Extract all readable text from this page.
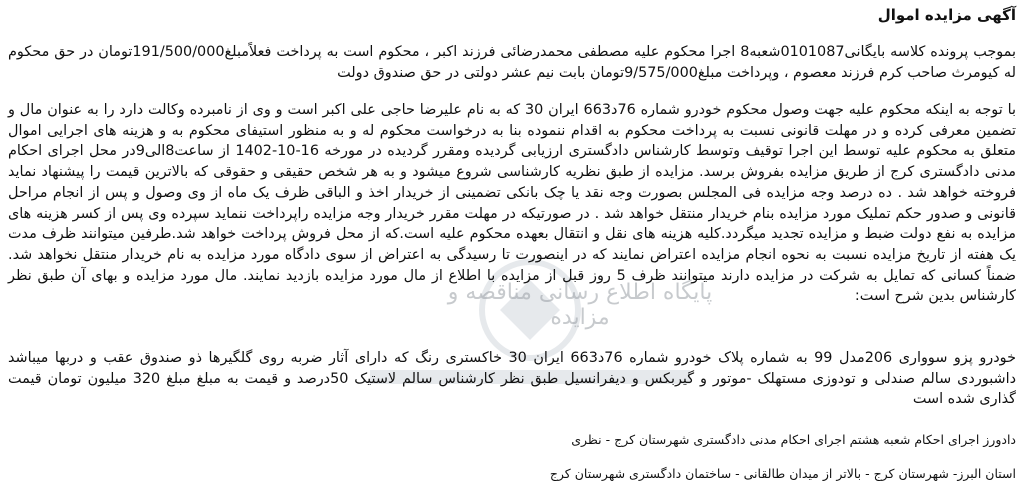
پایگاه اطلاع رسانی مناقصه و مزایده
آگهی مزایده اموال

بموجب پرونده کلاسه بایگانی0101087شعبه8 اجرا محکوم علیه مصطفی محمدرضائی فرزند اکبر ، محکوم است به پرداخت فعلاًمبلغ191/500/000تومان در حق محکوم له کیومرث صاحب کرم فرزند معصوم ، وپرداخت مبلغ9/575/000تومان بابت نیم عشر دولتی در حق صندوق دولت

با توجه به اینکه محکوم علیه جهت وصول محکوم خودرو شماره 76د663 ایران 30 که به نام علیرضا حاجی علی اکبر است و وی از نامبرده وکالت دارد را به عنوان مال و تضمین معرفی کرده و در مهلت قانونی نسبت به پرداخت محکوم به اقدام ننموده بنا به درخواست محکوم له و به منظور استیفای محکوم به و هزینه های اجرایی اموال متعلق به محکوم علیه توسط این اجرا توقیف وتوسط کارشناس دادگستری ارزیابی گردیده ومقرر گردیده در مورخه 16-10-1402 از ساعت8الی9در محل اجرای احکام مدنی دادگستری کرج از طریق مزایده بفروش برسد. مزایده از طبق نظریه کارشناسی شروع میشود و به هر شخص حقیقی و حقوقی که بالاترین قیمت را پیشنهاد نماید فروخته خواهد شد . ده درصد وجه مزایده فی المجلس بصورت وجه نقد یا چک بانکی تضمینی از خریدار اخذ و الباقی ظرف یک ماه از وی وصول و پس از انجام مراحل قانونی و صدور حکم تملیک مورد مزایده بنام خریدار منتقل خواهد شد . در صورتیکه در مهلت مقرر خریدار وجه مزایده راپرداخت ننماید سپرده وی پس از کسر هزینه های مزایده به نفع دولت ضبط و مزایده تجدید میگردد.کلیه هزینه های نقل و انتقال بعهده محکوم علیه است.که از محل فروش پرداخت خواهد شد.طرفین میتوانند ظرف مدت یک هفته از تاریخ مزایده نسبت به نحوه انجام مزایده اعتراض نمایند که در اینصورت تا رسیدگی به اعتراض از سوی دادگاه مورد مزایده به نام خریدار منتقل نخواهد شد. ضمناً کسانی که تمایل به شرکت در مزایده دارند میتوانند ظرف 5 روز قبل از مزایده با اطلاع از مال مورد مزایده بازدید نمایند. مال مورد مزایده و بهای آن طبق نظر کارشناس بدین شرح است:

خودرو پزو سوواری 206مدل 99 به شماره پلاک خودرو شماره 76د663 ایران 30 خاکستری رنگ که دارای آثار ضربه روی گلگیرها ذو صندوق عقب و دربها میباشد داشبوردی سالم صندلی و تودوزی مستهلک -موتور و گیربکس و دیفرانسیل طبق نظر کارشناس سالم لاستیک 50درصد و قیمت به مبلغ مبلغ 320 میلیون تومان قیمت گذاری شده است

دادورز اجرای احکام شعبه هشتم اجرای احکام مدنی دادگستری شهرستان کرج - نظری

استان البرز- شهرستان کرج - بالاتر از میدان طالقانی - ساختمان دادگستری شهرستان کرج
